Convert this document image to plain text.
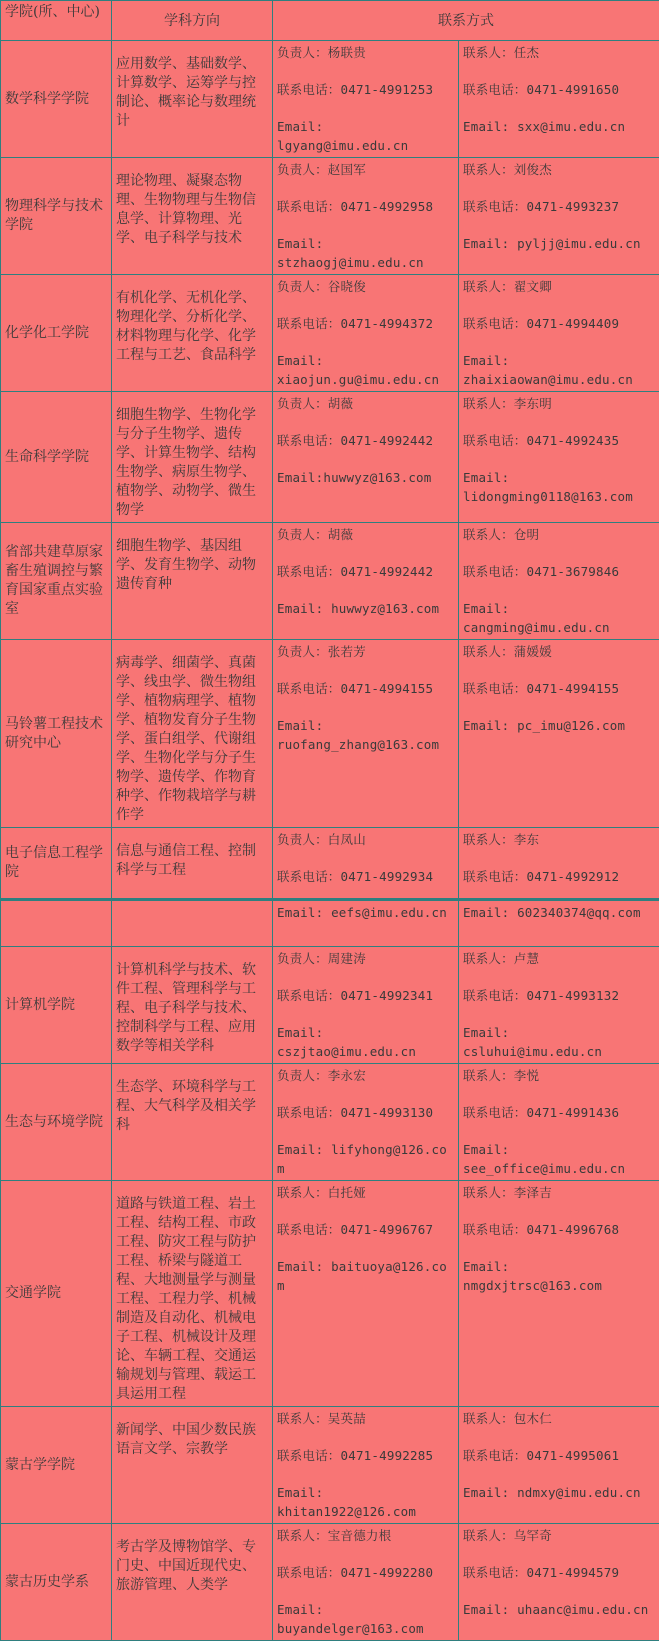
学院(所、中心)	学科方向	联系方式	
数学科学学院	应用数学、基础数学、计算数学、运筹学与控制论、概率论与数理统计	负责人：杨联贵
联系电话：0471-4991253
Email:
lgyang@imu.edu.cn	联系人：任杰
联系电话：0471-4991650
Email: sxx@imu.edu.cn

物理科学与技术 学院	理论物理、凝聚态物理、生物物理与生物信息学、计算物理、光学、电子科学与技术	负责人：赵国军
联系电话：0471-4992958
Email:
stzhaogj@imu.edu.cn	联系人：刘俊杰
联系电话：0471-4993237
Email: pyljj@imu.edu.cn

化学化工学院	有机化学、无机化学、物理化学、分析化学、材料物理与化学、化学工程与工艺、食品科学	负责人：谷晓俊
联系电话：0471-4994372
Email:
xiaojun.gu@imu.edu.cn	联系人：翟文卿
联系电话：0471-4994409
Email:
zhaixiaowan@imu.edu.cn

生命科学学院	细胞生物学、生物化学与分子生物学、遗传学、计算生物学、结构生物学、病原生物学、植物学、动物学、微生物学	负责人：胡薇
联系电话：0471-4992442
Email:huwwyz@163.com	联系人：李东明
联系电话：0471-4992435
Email:
lidongming0118@163.com

省部共建草原家畜生殖调控与繁育国家重点实验室	细胞生物学、基因组学、发育生物学、动物遗传育种	负责人：胡薇
联系电话：0471-4992442
Email: huwwyz@163.com	联系人：仓明
联系电话：0471-3679846
Email:
cangming@imu.edu.cn

马铃薯工程技术 研究中心	病毒学、细菌学、真菌学、线虫学、微生物组学、植物病理学、植物学、植物发育分子生物学、蛋白组学、代谢组学、生物化学与分子生物学、遗传学、作物育种学、作物栽培学与耕作学	负责人：张若芳
联系电话：0471-4994155
Email:
ruofang_zhang@163.com	联系人：蒲媛媛
联系电话：0471-4994155
Email: pc_imu@126.com

电子信息工程学院	信息与通信工程、控制科学与工程	负责人：白凤山
联系电话：0471-4992934	联系人：李东
联系电话：0471-4992912

		Email: eefs@imu.edu.cn	Email: 602340374@qq.com

计算机学院	计算机科学与技术、软件工程、管理科学与工程、电子科学与技术、控制科学与工程、应用数学等相关学科	负责人：周建涛
联系电话：0471-4992341
Email:
cszjtao@imu.edu.cn	联系人：卢慧
联系电话：0471-4993132
Email:
csluhui@imu.edu.cn

生态与环境学院	生态学、环境科学与工程、大气科学及相关学科	负责人：李永宏
联系电话：0471-4993130
Email: lifyhong@126.com	联系人：李悦
联系电话：0471-4991436
Email:
see_office@imu.edu.cn

交通学院	道路与铁道工程、岩土工程、结构工程、市政工程、防灾工程与防护工程、桥梁与隧道工程、大地测量学与测量工程、工程力学、机械制造及自动化、机械电子工程、机械设计及理论、车辆工程、交通运输规划与管理、载运工具运用工程	联系人：白托娅
联系电话：0471-4996767
Email: baituoya@126.com	联系人：李泽吉
联系电话：0471-4996768
Email:
nmgdxjtrsc@163.com

蒙古学学院	新闻学、中国少数民族语言文学、宗教学	联系人：吴英喆
联系电话：0471-4992285
Email:
khitan1922@126.com	联系人：包木仁
联系电话：0471-4995061
Email: ndmxy@imu.edu.cn

蒙古历史学系	考古学及博物馆学、专门史、中国近现代史、旅游管理、人类学	联系人：宝音德力根
联系电话：0471-4992280
Email:
buyandelger@163.com	联系人：乌罕奇
联系电话：0471-4994579
Email: uhaanc@imu.edu.cn
